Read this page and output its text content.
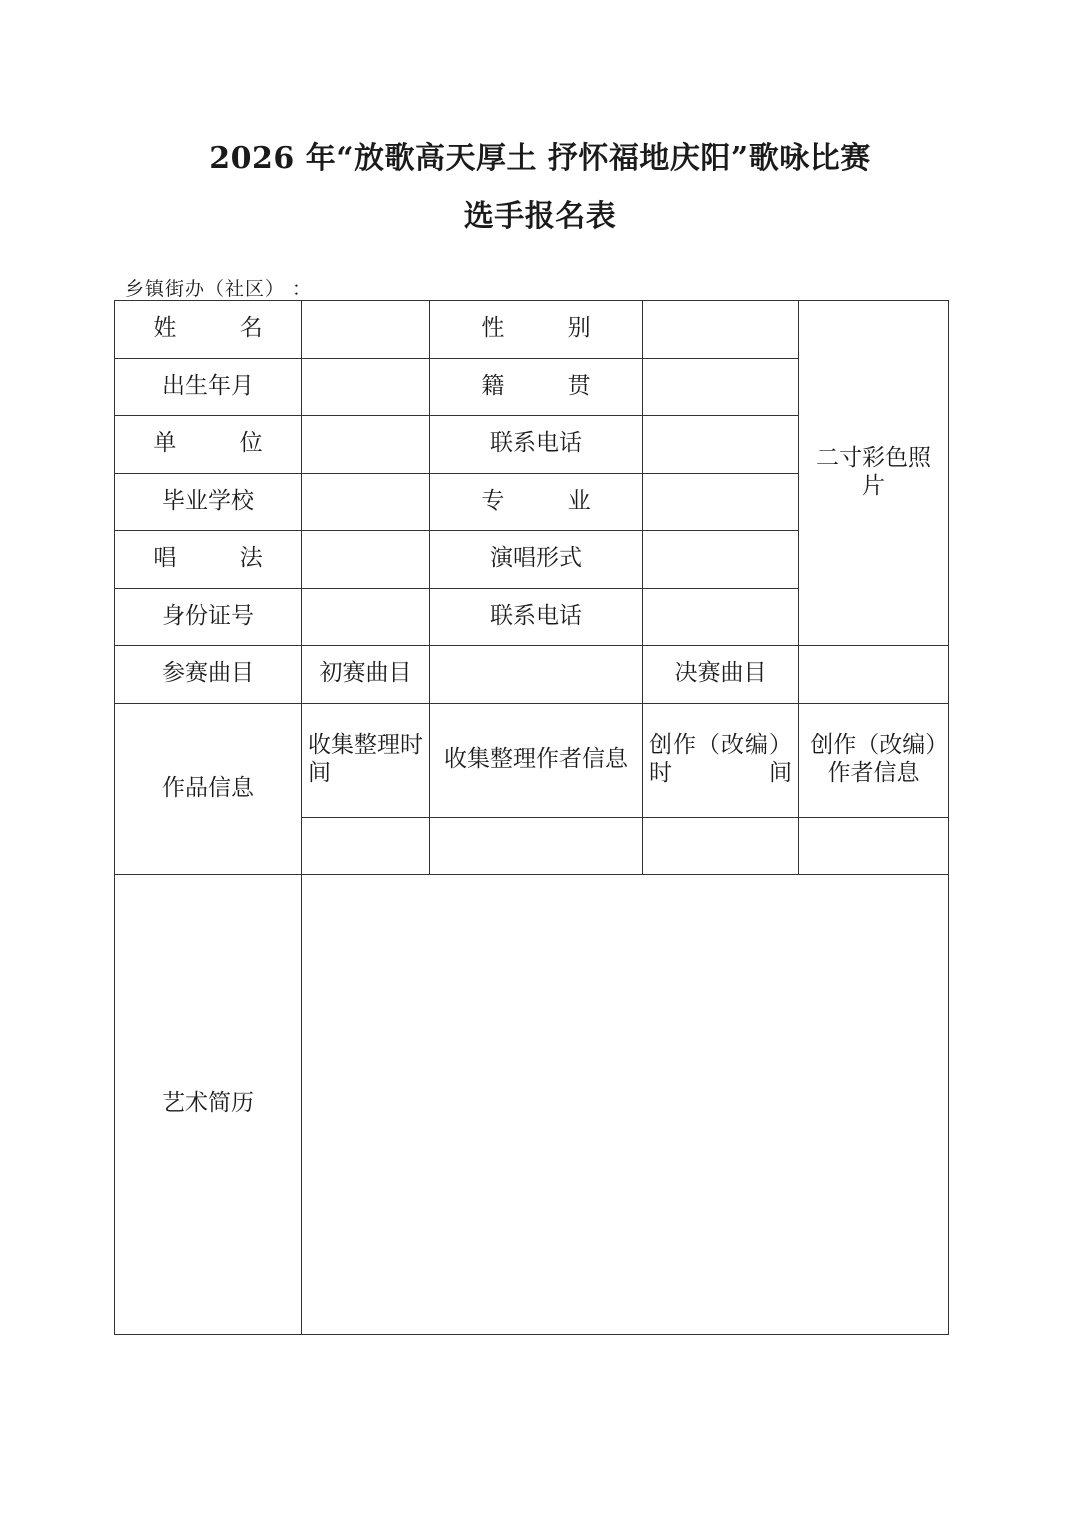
2026 年“放歌高天厚土 抒怀福地庆阳”歌咏比赛
选手报名表
乡镇街办（社区） ：
姓 名		性 别		二寸彩色照片
出生年月		籍 贯		
单 位		联系电话		
毕业学校		专 业		
唱 法		演唱形式		
身份证号		联系电话		
参赛曲目	初赛曲目		决赛曲目	
作品信息	收集整理时　　间	收集整理作者信息	创作（改编）时　　间	创作（改编）作者信息

艺术简历				
